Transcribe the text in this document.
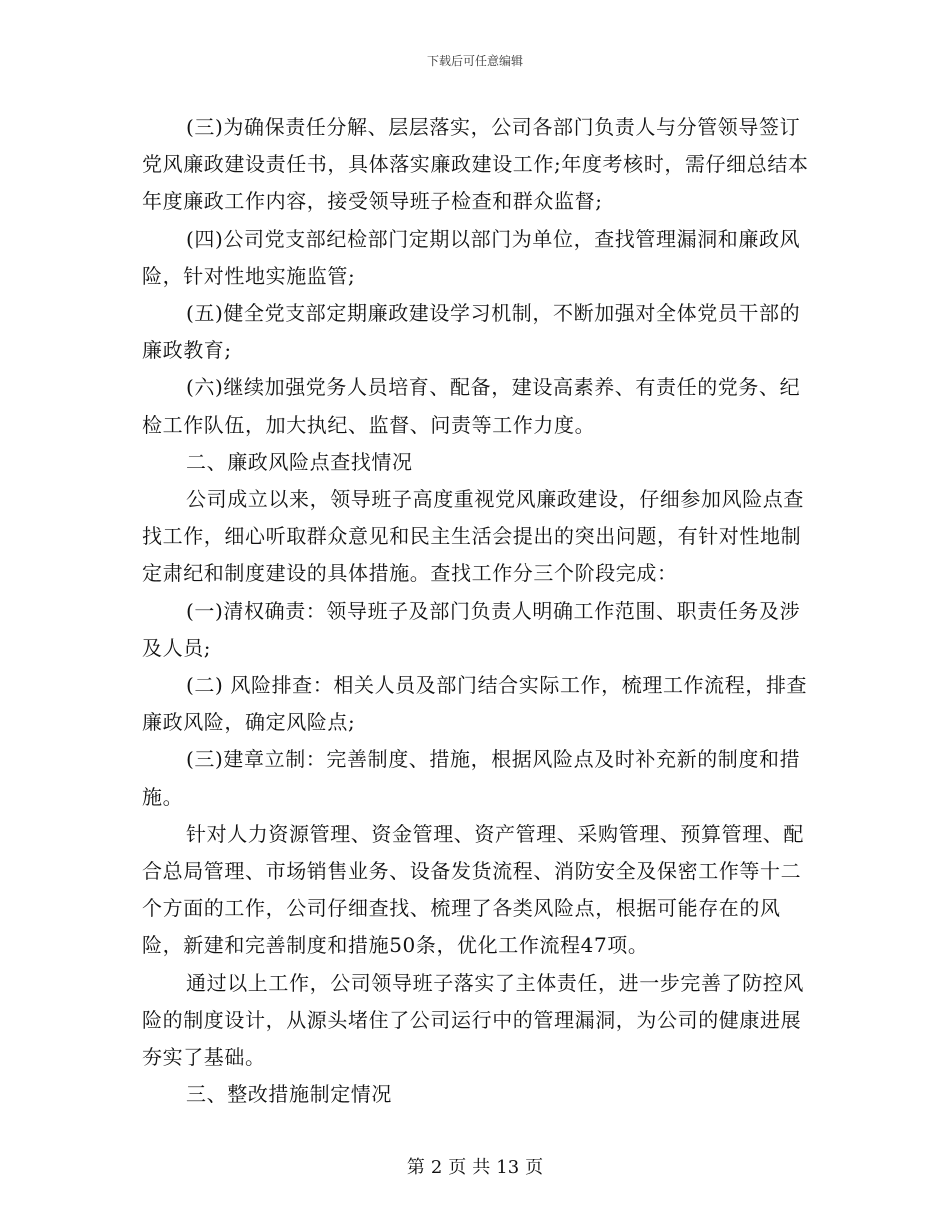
下载后可任意编辑

(三)为确保责任分解、层层落实，公司各部门负责人与分管领导签订党风廉政建设责任书，具体落实廉政建设工作;年度考核时，需仔细总结本年度廉政工作内容，接受领导班子检查和群众监督;

(四)公司党支部纪检部门定期以部门为单位，查找管理漏洞和廉政风险，针对性地实施监管;

(五)健全党支部定期廉政建设学习机制，不断加强对全体党员干部的廉政教育;

(六)继续加强党务人员培育、配备，建设高素养、有责任的党务、纪检工作队伍，加大执纪、监督、问责等工作力度。

二、廉政风险点查找情况

公司成立以来，领导班子高度重视党风廉政建设，仔细参加风险点查找工作，细心听取群众意见和民主生活会提出的突出问题，有针对性地制定肃纪和制度建设的具体措施。查找工作分三个阶段完成：

(一)清权确责：领导班子及部门负责人明确工作范围、职责任务及涉及人员;

(二) 风险排查：相关人员及部门结合实际工作，梳理工作流程，排查廉政风险，确定风险点;

(三)建章立制：完善制度、措施，根据风险点及时补充新的制度和措施。

针对人力资源管理、资金管理、资产管理、采购管理、预算管理、配合总局管理、市场销售业务、设备发货流程、消防安全及保密工作等十二个方面的工作，公司仔细查找、梳理了各类风险点，根据可能存在的风险，新建和完善制度和措施50条，优化工作流程47项。

通过以上工作，公司领导班子落实了主体责任，进一步完善了防控风险的制度设计，从源头堵住了公司运行中的管理漏洞，为公司的健康进展夯实了基础。

三、整改措施制定情况

第 2 页 共 13 页
